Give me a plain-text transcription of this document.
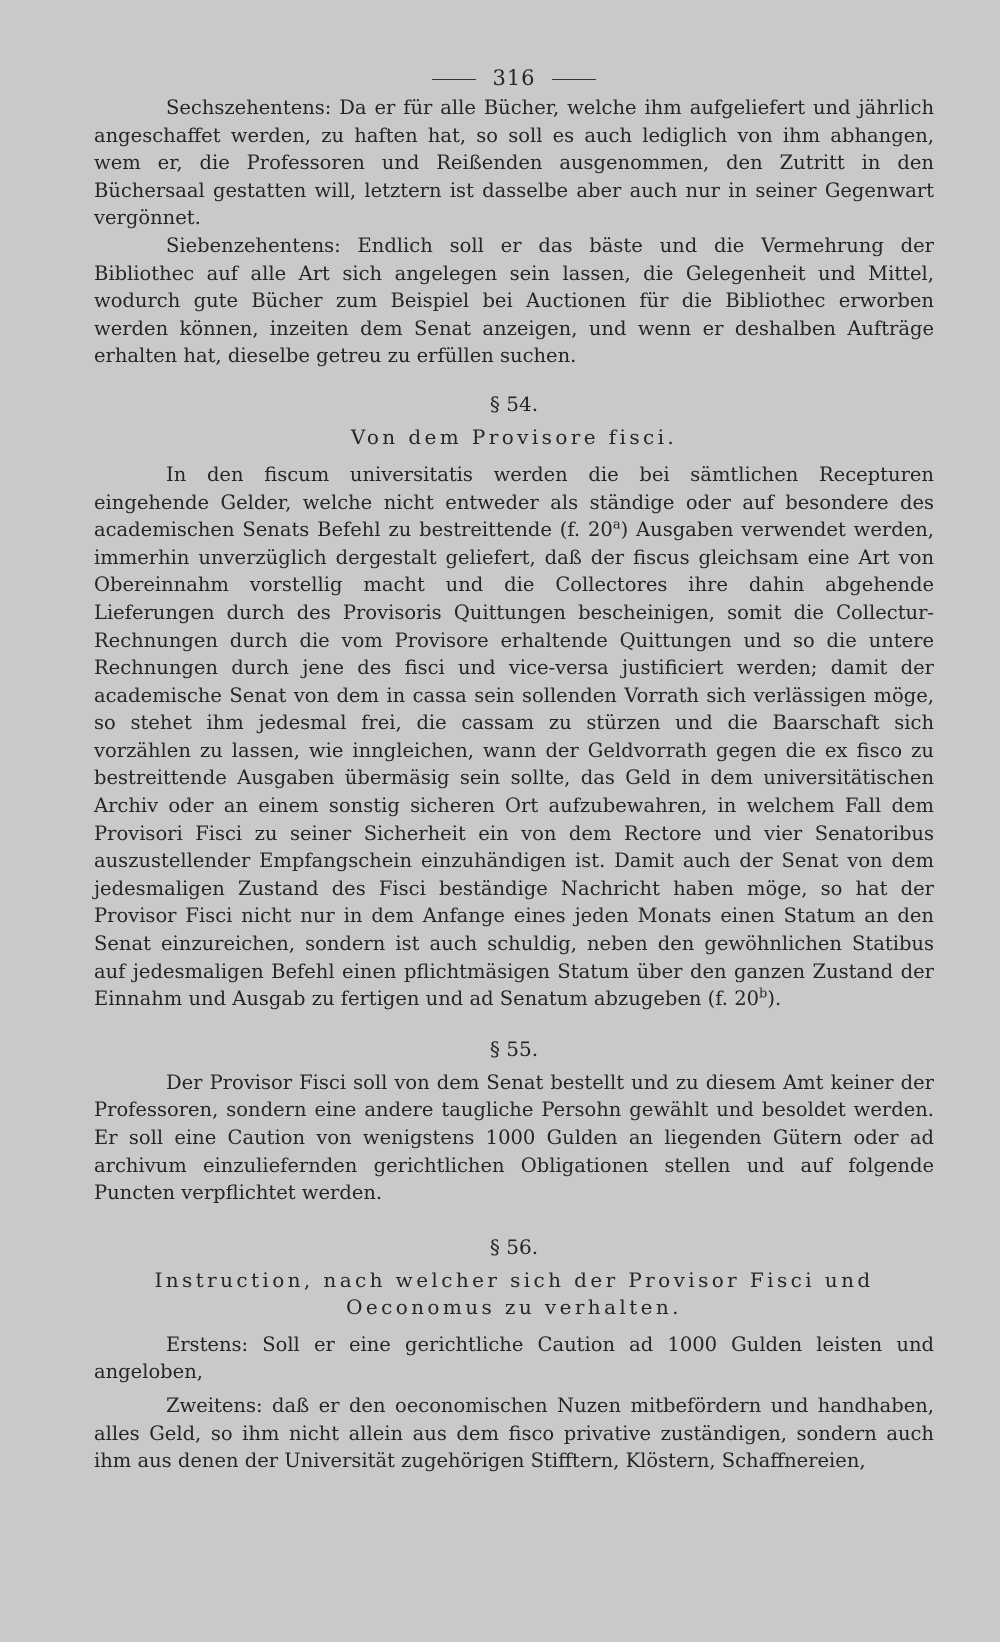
316

Sechszehentens: Da er für alle Bücher, welche ihm aufgeliefert und jährlich angeschaffet werden, zu haften hat, so soll es auch lediglich von ihm abhangen, wem er, die Professoren und Reißenden ausgenommen, den Zutritt in den Büchersaal gestatten will, letztern ist dasselbe aber auch nur in seiner Gegenwart vergönnet.

Siebenzehentens: Endlich soll er das bäste und die Vermehrung der Bibliothec auf alle Art sich angelegen sein lassen, die Gelegenheit und Mittel, wodurch gute Bücher zum Beispiel bei Auctionen für die Bibliothec erworben werden können, inzeiten dem Senat anzeigen, und wenn er deshalben Aufträge erhalten hat, dieselbe getreu zu erfüllen suchen.

§ 54.
Von dem Provisore fisci.

In den fiscum universitatis werden die bei sämtlichen Recepturen eingehende Gelder, welche nicht entweder als ständige oder auf besondere des academischen Senats Befehl zu bestreittende (f. 20$^a$) Ausgaben verwendet werden, immerhin unverzüglich dergestalt geliefert, daß der fiscus gleichsam eine Art von Obereinnahm vorstellig macht und die Collectores ihre dahin abgehende Lieferungen durch des Provisoris Quittungen bescheinigen, somit die Collectur-Rechnungen durch die vom Provisore erhaltende Quittungen und so die untere Rechnungen durch jene des fisci und vice-versa justificiert werden; damit der academische Senat von dem in cassa sein sollenden Vorrath sich verlässigen möge, so stehet ihm jedesmal frei, die cassam zu stürzen und die Baarschaft sich vorzählen zu lassen, wie inngleichen, wann der Geldvorrath gegen die ex fisco zu bestreittende Ausgaben übermäsig sein sollte, das Geld in dem universitätischen Archiv oder an einem sonstig sicheren Ort aufzubewahren, in welchem Fall dem Provisori Fisci zu seiner Sicherheit ein von dem Rectore und vier Senatoribus auszustellender Empfangschein einzuhändigen ist. Damit auch der Senat von dem jedesmaligen Zustand des Fisci beständige Nachricht haben möge, so hat der Provisor Fisci nicht nur in dem Anfange eines jeden Monats einen Statum an den Senat einzureichen, sondern ist auch schuldig, neben den gewöhnlichen Statibus auf jedesmaligen Befehl einen pflichtmäsigen Statum über den ganzen Zustand der Einnahm und Ausgab zu fertigen und ad Senatum abzugeben (f. 20$^b$).

§ 55.

Der Provisor Fisci soll von dem Senat bestellt und zu diesem Amt keiner der Professoren, sondern eine andere taugliche Persohn gewählt und besoldet werden. Er soll eine Caution von wenigstens 1000 Gulden an liegenden Gütern oder ad archivum einzuliefernden gerichtlichen Obligationen stellen und auf folgende Puncten verpflichtet werden.

§ 56.
Instruction, nach welcher sich der Provisor Fisci und Oeconomus zu verhalten.

Erstens: Soll er eine gerichtliche Caution ad 1000 Gulden leisten und angeloben,

Zweitens: daß er den oeconomischen Nuzen mitbefördern und handhaben, alles Geld, so ihm nicht allein aus dem fisco privative zuständigen, sondern auch ihm aus denen der Universität zugehörigen Stifftern, Klöstern, Schaffnereien,
